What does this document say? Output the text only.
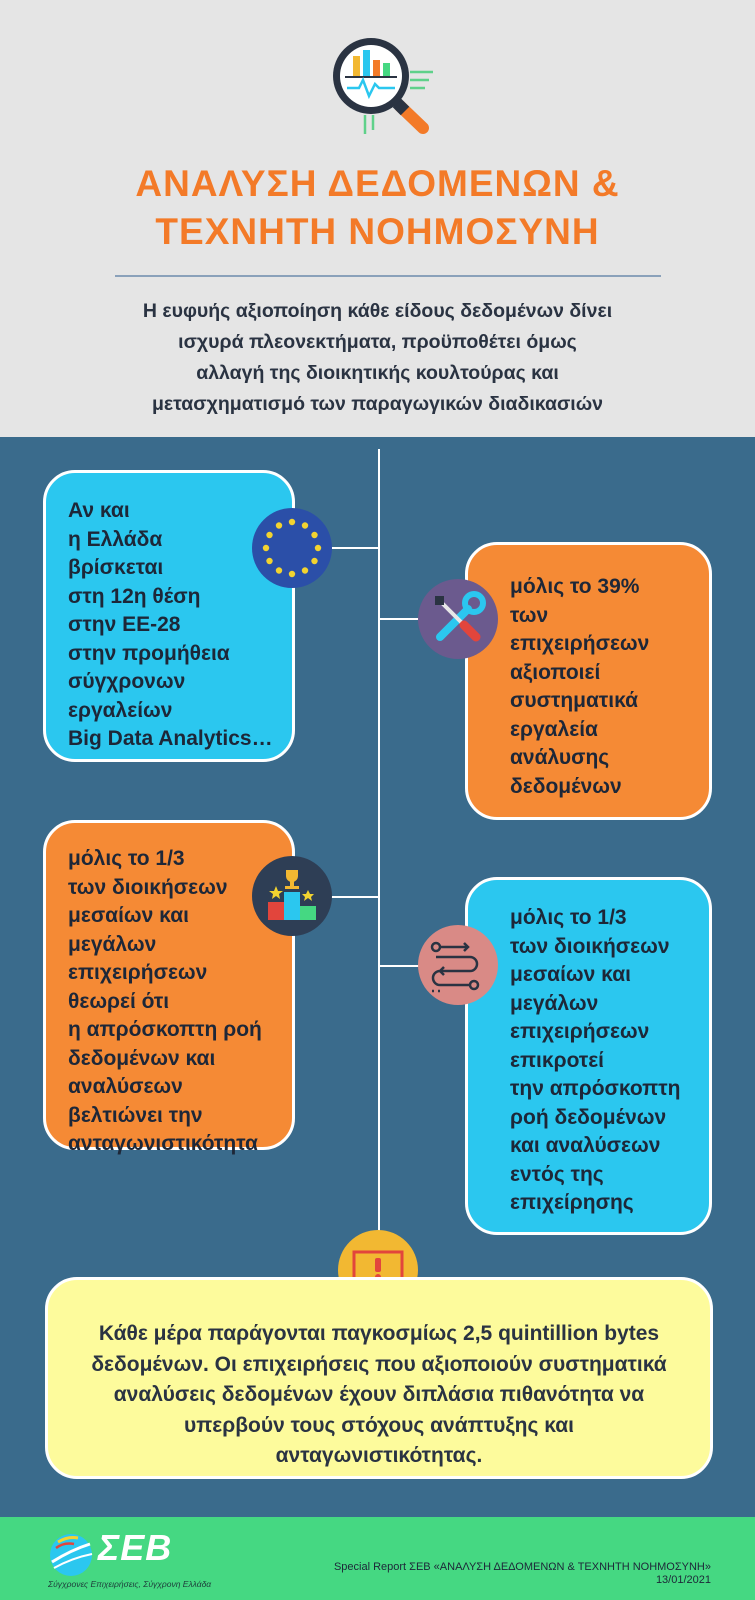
ΑΝΑΛΥΣΗ ΔΕΔΟΜΕΝΩΝ &
ΤΕΧΝΗΤΗ ΝΟΗΜΟΣΥΝΗ
Η ευφυής αξιοποίηση κάθε είδους δεδομένων δίνει
ισχυρά πλεονεκτήματα, προϋποθέτει όμως
αλλαγή της διοικητικής κουλτούρας και
μετασχηματισμό των παραγωγικών διαδικασιών
Αν και
η Ελλάδα
βρίσκεται
στη 12η θέση
στην ΕΕ-28
στην προμήθεια
σύγχρονων
εργαλείων
Big Data Analytics…
μόλις το 39%
των
επιχειρήσεων
αξιοποιεί
συστηματικά
εργαλεία
ανάλυσης
δεδομένων
μόλις το 1/3
των διοικήσεων
μεσαίων και
μεγάλων
επιχειρήσεων
θεωρεί ότι
η απρόσκοπτη ροή
δεδομένων και
αναλύσεων
βελτιώνει την
ανταγωνιστικότητα
μόλις το 1/3
των διοικήσεων
μεσαίων και
μεγάλων
επιχειρήσεων
επικροτεί
την απρόσκοπτη
ροή δεδομένων
και αναλύσεων
εντός της
επιχείρησης
Κάθε μέρα παράγονται παγκοσμίως 2,5 quintillion bytes
δεδομένων. Οι επιχειρήσεις που αξιοποιούν συστηματικά
αναλύσεις δεδομένων έχουν διπλάσια πιθανότητα να
υπερβούν τους στόχους ανάπτυξης και
ανταγωνιστικότητας.
ΣΕΒ
Σύγχρονες Επιχειρήσεις, Σύγχρονη Ελλάδα
Special Report ΣΕΒ «ΑΝΑΛΥΣΗ ΔΕΔΟΜΕΝΩΝ & ΤΕΧΝΗΤΗ ΝΟΗΜΟΣΥΝΗ»
13/01/2021
